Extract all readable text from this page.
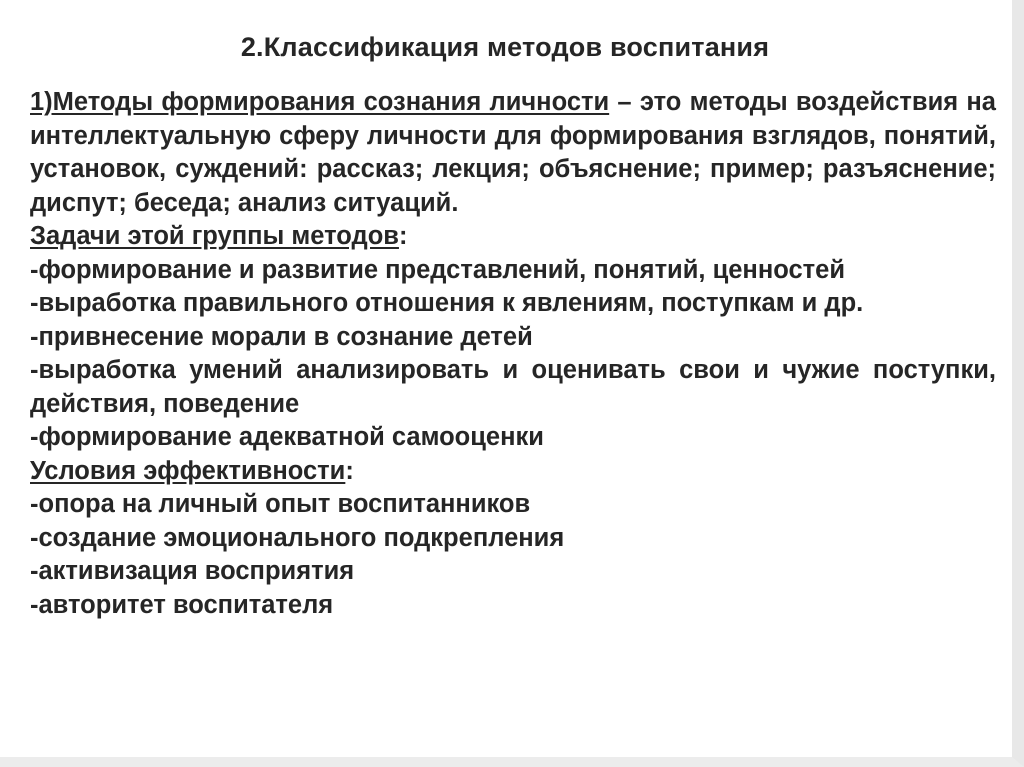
2.Классификация методов воспитания

1)Методы формирования сознания личности – это методы воздействия на интеллектуальную сферу личности для формирования взглядов, понятий, установок, суждений: рассказ; лекция; объяснение; пример; разъяснение; диспут; беседа; анализ ситуаций.

Задачи этой группы методов:

-формирование и развитие представлений, понятий, ценностей

-выработка правильного отношения к явлениям, поступкам и др.

-привнесение морали в сознание детей

-выработка умений анализировать и оценивать свои и чужие поступки, действия, поведение

-формирование адекватной самооценки

Условия эффективности:

-опора на личный опыт воспитанников

-создание эмоционального подкрепления

-активизация восприятия

-авторитет воспитателя
